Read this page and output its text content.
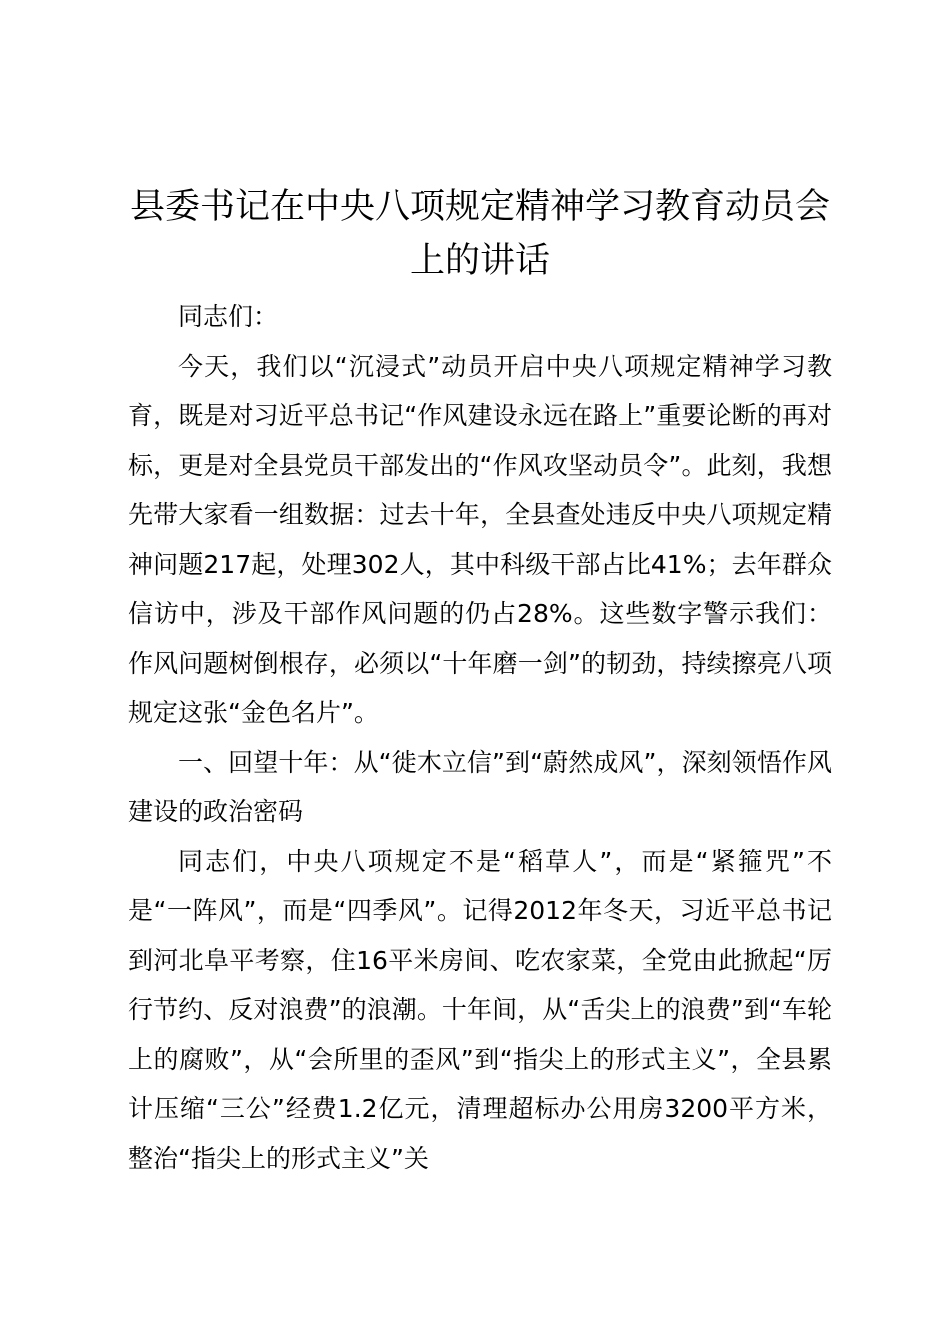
县委书记在中央八项规定精神学习教育动员会上的讲话

同志们：

今天，我们以“沉浸式”动员开启中央八项规定精神学习教育，既是对习近平总书记“作风建设永远在路上”重要论断的再对标，更是对全县党员干部发出的“作风攻坚动员令”。此刻，我想先带大家看一组数据：过去十年，全县查处违反中央八项规定精神问题217起，处理302人，其中科级干部占比41%；去年群众信访中，涉及干部作风问题的仍占28%。这些数字警示我们：作风问题树倒根存，必须以“十年磨一剑”的韧劲，持续擦亮八项规定这张“金色名片”。

一、回望十年：从“徙木立信”到“蔚然成风”，深刻领悟作风建设的政治密码

同志们，中央八项规定不是“稻草人”，而是“紧箍咒”不是“一阵风”，而是“四季风”。记得2012年冬天，习近平总书记到河北阜平考察，住16平米房间、吃农家菜，全党由此掀起“厉行节约、反对浪费”的浪潮。十年间，从“舌尖上的浪费”到“车轮上的腐败”，从“会所里的歪风”到“指尖上的形式主义”，全县累计压缩“三公”经费1.2亿元，清理超标办公用房3200平方米，整治“指尖上的形式主义”关
